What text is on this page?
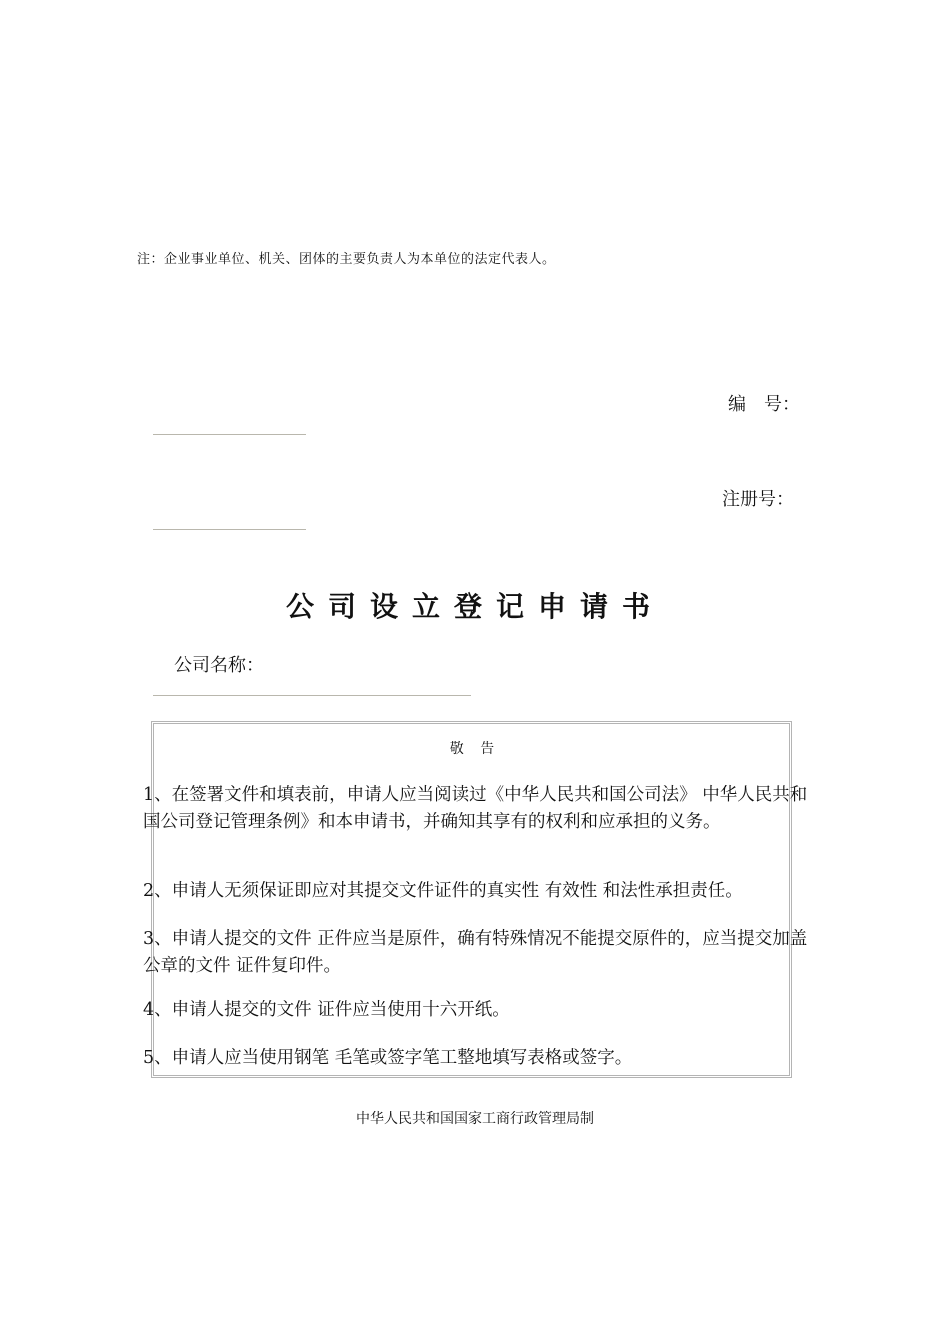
注：企业事业单位、机关、团体的主要负责人为本单位的法定代表人。
编　号：
注册号：
公司设立登记申请书
公司名称：
敬 告
1、在签署文件和填表前，申请人应当阅读过《中华人民共和国公司法》 中华人民共和国公司登记管理条例》和本申请书，并确知其享有的权利和应承担的义务。
2、申请人无须保证即应对其提交文件证件的真实性 有效性 和法性承担责任。
3、申请人提交的文件 正件应当是原件，确有特殊情况不能提交原件的，应当提交加盖公章的文件 证件复印件。
4、申请人提交的文件 证件应当使用十六开纸。
5、申请人应当使用钢笔 毛笔或签字笔工整地填写表格或签字。
中华人民共和国国家工商行政管理局制
